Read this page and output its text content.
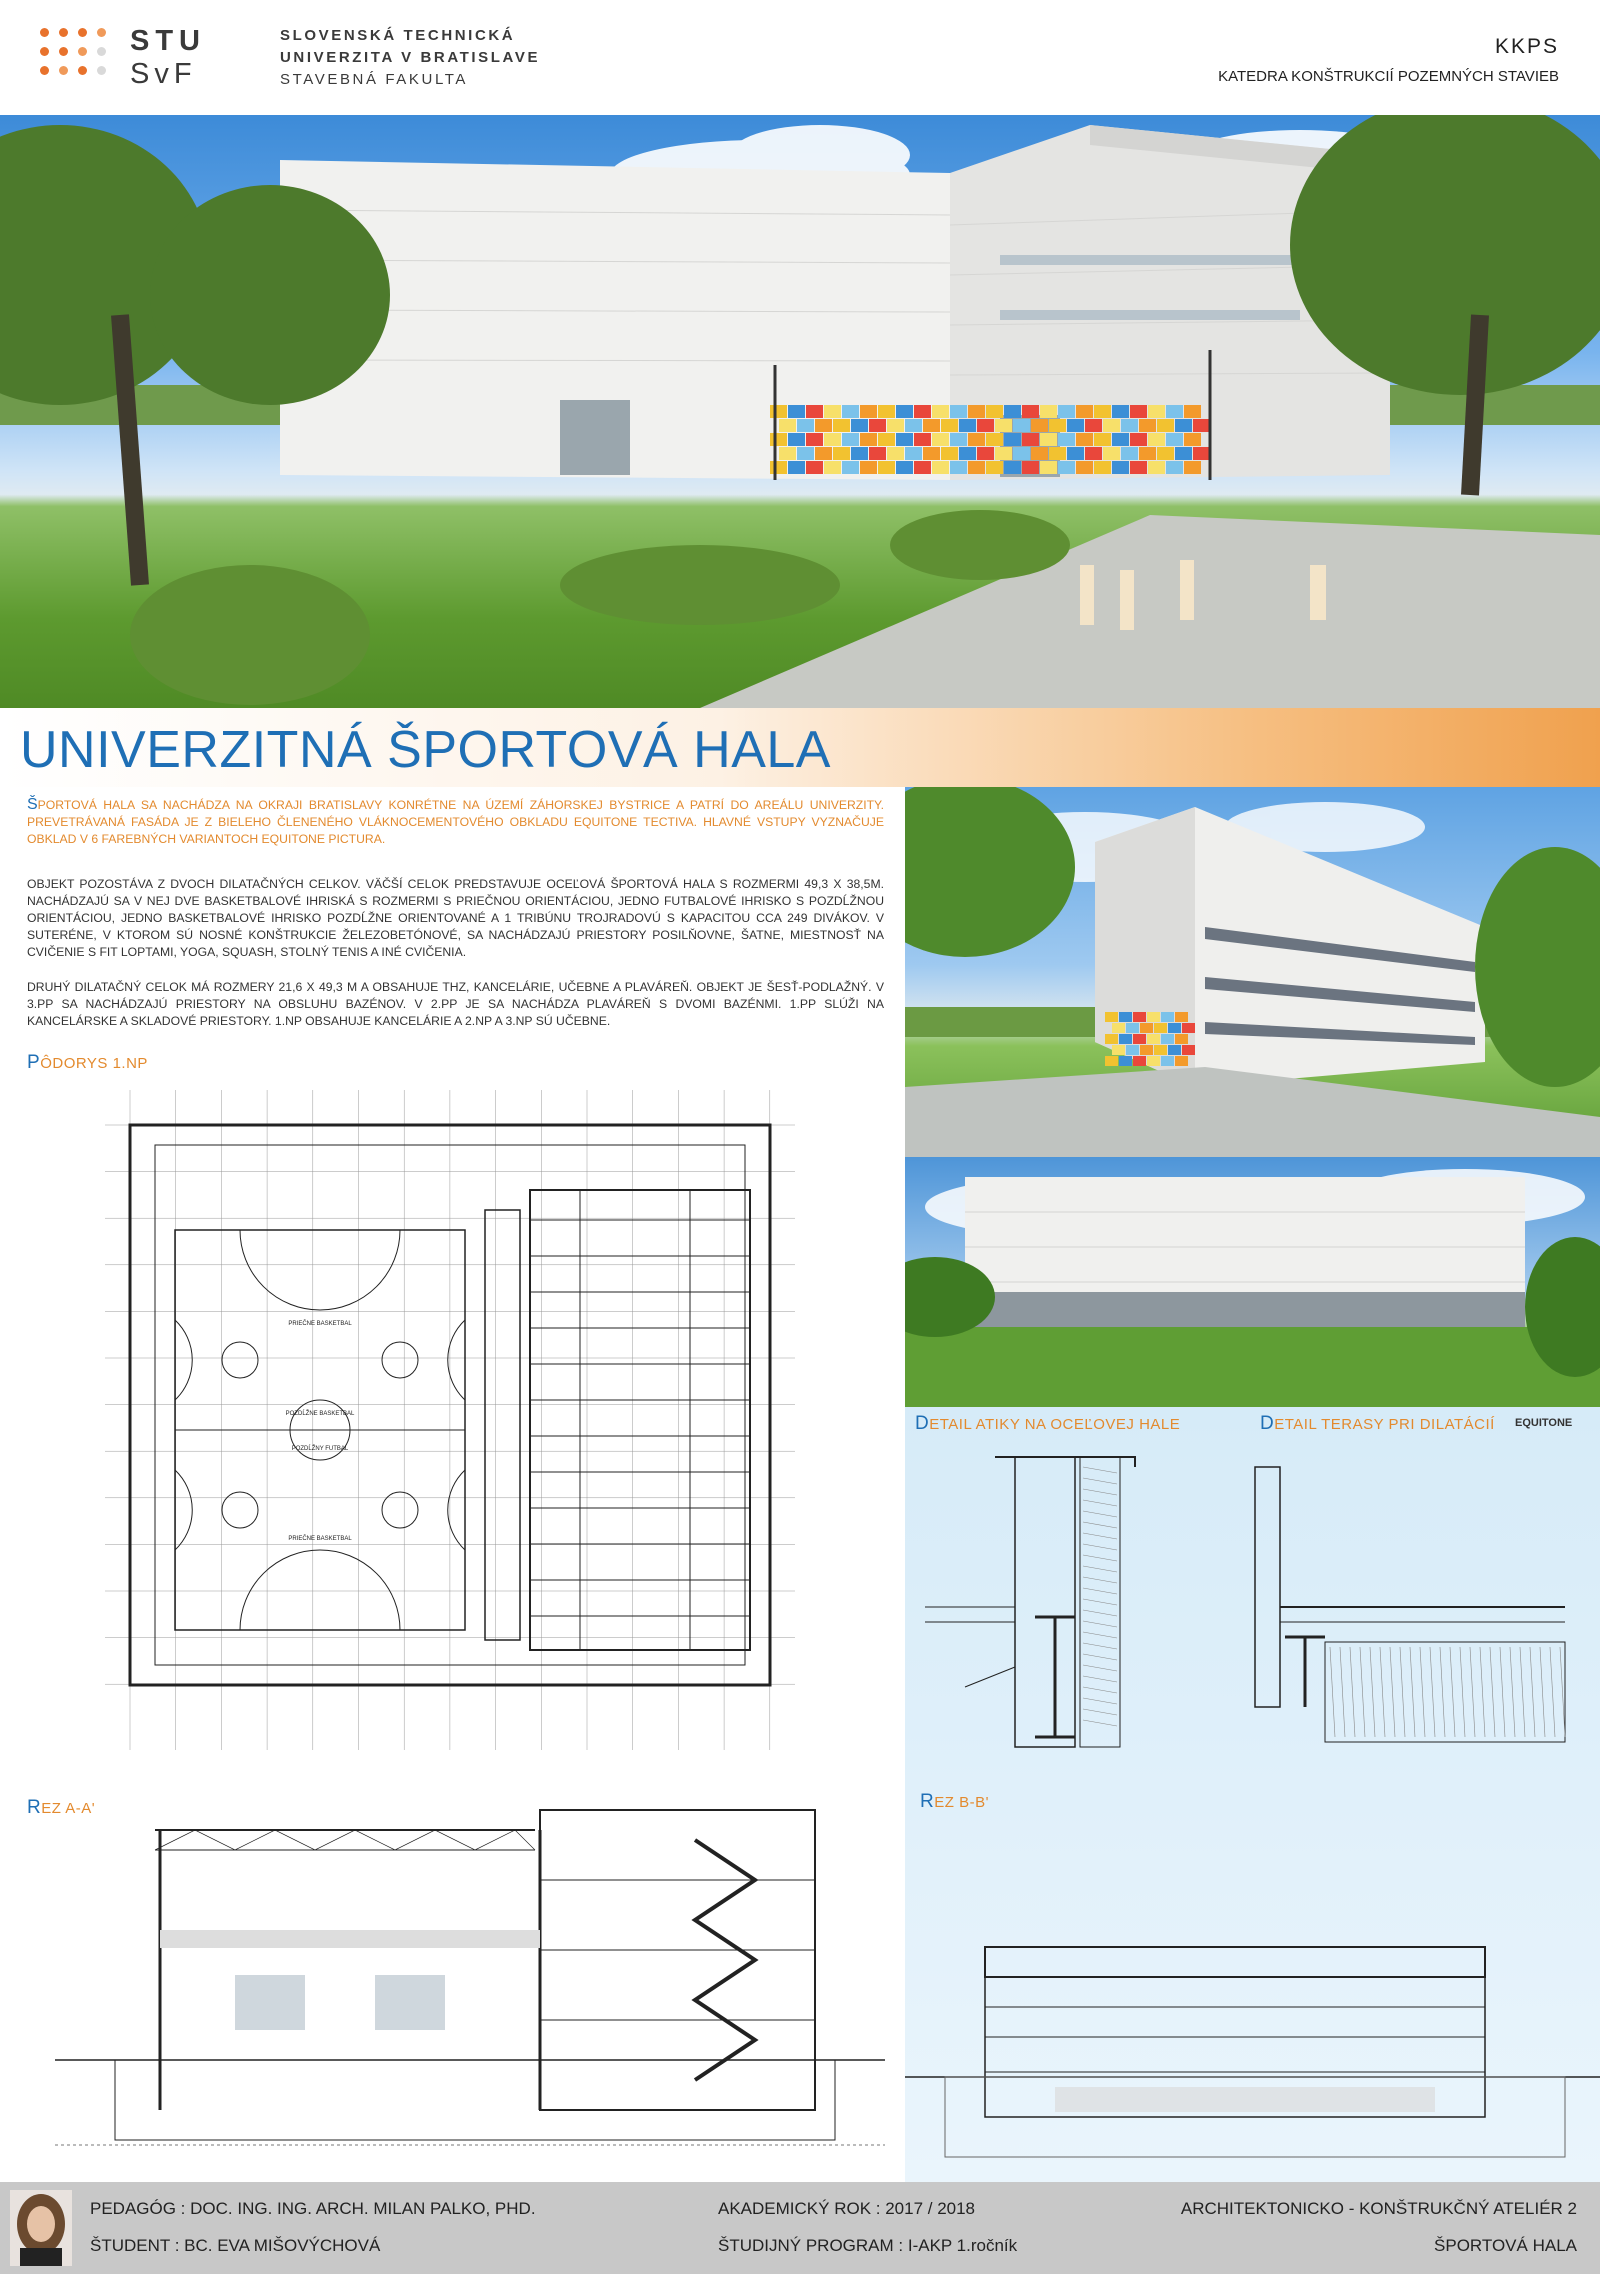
STU
SvF
SLOVENSKÁ TECHNICKÁ
UNIVERZITA V BRATISLAVE
STAVEBNÁ FAKULTA
KKPS
KATEDRA KONŠTRUKCIÍ POZEMNÝCH STAVIEB
UNIVERZITNÁ ŠPORTOVÁ HALA
ŠPORTOVÁ HALA SA NACHÁDZA NA OKRAJI BRATISLAVY KONRÉTNE NA ÚZEMÍ ZÁHORSKEJ BYSTRICE A PATRÍ DO AREÁLU UNIVERZITY. PREVETRÁVANÁ FASÁDA JE Z BIELEHO ČLENENÉHO VLÁKNOCEMENTOVÉHO OBKLADU EQUITONE TECTIVA. HLAVNÉ VSTUPY VYZNAČUJE OBKLAD V 6 FAREBNÝCH VARIANTOCH EQUITONE PICTURA.
OBJEKT POZOSTÁVA Z DVOCH DILATAČNÝCH CELKOV. VÄČŠÍ CELOK PREDSTAVUJE OCEĽOVÁ ŠPORTOVÁ HALA S ROZMERMI 49,3 X 38,5M. NACHÁDZAJÚ SA V NEJ DVE BASKETBALOVÉ IHRISKÁ S ROZMERMI S PRIEČNOU ORIENTÁCIOU, JEDNO FUTBALOVÉ IHRISKO S POZDĹŽNOU ORIENTÁCIOU, JEDNO BASKETBALOVÉ IHRISKO POZDĹŽNE ORIENTOVANÉ A 1 TRIBÚNU TROJRADOVÚ S KAPACITOU CCA 249 DIVÁKOV. V SUTERÉNE, V KTOROM SÚ NOSNÉ KONŠTRUKCIE ŽELEZOBETÓNOVÉ, SA NACHÁDZAJÚ PRIESTORY POSILŇOVNE, ŠATNE, MIESTNOSŤ NA CVIČENIE S FIT LOPTAMI, YOGA, SQUASH, STOLNÝ TENIS A INÉ CVIČENIA.
DRUHÝ DILATAČNÝ CELOK MÁ ROZMERY 21,6 X 49,3 M A OBSAHUJE THZ, KANCELÁRIE, UČEBNE A PLAVÁREŇ. OBJEKT JE ŠESŤ-PODLAŽNÝ. V 3.PP SA NACHÁDZAJÚ PRIESTORY NA OBSLUHU BAZÉNOV. V 2.PP JE SA NACHÁDZA PLAVÁREŇ S DVOMI BAZÉNMI. 1.PP SLÚŽI NA KANCELÁRSKE A SKLADOVÉ PRIESTORY. 1.NP OBSAHUJE KANCELÁRIE A 2.NP A 3.NP SÚ UČEBNE.
PÔDORYS 1.NP
PRIEČNE BASKETBAL
POZDĹŽNE BASKETBAL
POZDĹŽNY FUTBAL
PRIEČNE BASKETBAL
REZ A-A'
DETAIL ATIKY NA OCEĽOVEJ HALE	DETAIL TERASY PRI DILATÁCIÍ EQUITONE
REZ B-B'
PEDAGÓG : DOC. ING. ING. ARCH. MILAN PALKO, PHD.
ŠTUDENT : BC. EVA MIŠOVÝCHOVÁ
AKADEMICKÝ ROK : 2017 / 2018
ŠTUDIJNÝ PROGRAM : I-AKP 1.ročník
ARCHITEKTONICKO - KONŠTRUKČNÝ ATELIÉR 2
ŠPORTOVÁ HALA
